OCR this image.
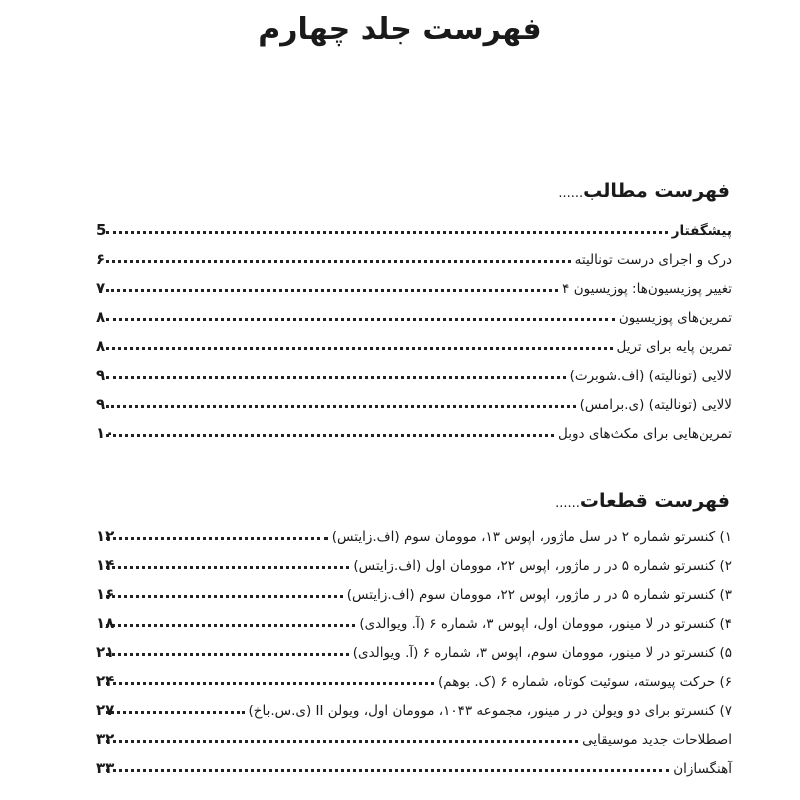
فهرست جلد چهارم
فهرست مطالب......
پیشگفتار
5
درک و اجرای درست تونالیته
۶
تغییر پوزیسیون‌ها: پوزیسیون ۴
۷
تمرین‌های پوزیسیون
۸
تمرین پایه برای تریل
۸
لالایی (تونالیته) (اف.شوبرت)
۹
لالایی (تونالیته) (ی.برامس)
۹
تمرین‌هایی برای مکث‌های دوبل
۱۰
فهرست قطعات......
۱) کنسرتو شماره ۲ در سل ماژور، اپوس ۱۳، موومان سوم (اف.زایتس)
۱۲
۲) کنسرتو شماره ۵ در ر ماژور، اپوس ۲۲، موومان اول (اف.زایتس)
۱۴
۳) کنسرتو شماره ۵ در ر ماژور، اپوس ۲۲، موومان سوم (اف.زایتس)
۱۶
۴) کنسرتو در لا مینور، موومان اول، اپوس ۳، شماره ۶ (آ. ویوالدی)
۱۸
۵) کنسرتو در لا مینور، موومان سوم، اپوس ۳، شماره ۶ (آ. ویوالدی)
۲۱
۶) حرکت پیوسته، سوئیت کوتاه، شماره ۶ (ک. بوهم)
۲۴
۷) کنسرتو برای دو ویولن در ر مینور، مجموعه ۱۰۴۳، موومان اول، ویولن II (ی.س.باخ)
۲۷
اصطلاحات جدید موسیقایی
۳۲
آهنگسازان
۳۳
